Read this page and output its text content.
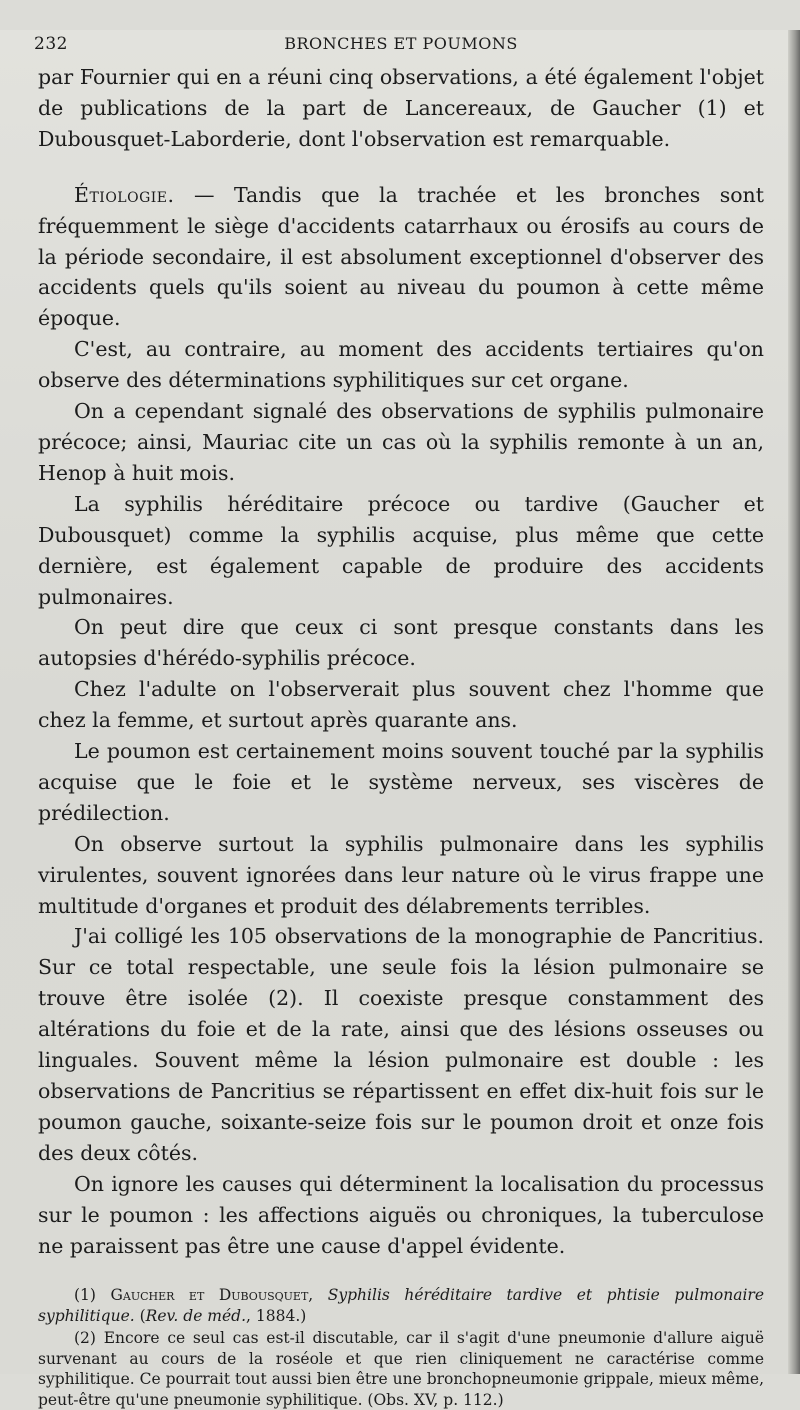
232	BRONCHES ET POUMONS

par Fournier qui en a réuni cinq observations, a été également l'objet de publications de la part de Lancereaux, de Gaucher (1) et Dubousquet-Laborderie, dont l'observation est remarquable.

Étiologie. — Tandis que la trachée et les bronches sont fréquemment le siège d'accidents catarrhaux ou érosifs au cours de la période secondaire, il est absolument exceptionnel d'observer des accidents quels qu'ils soient au niveau du poumon à cette même époque.

C'est, au contraire, au moment des accidents tertiaires qu'on observe des déterminations syphilitiques sur cet organe.

On a cependant signalé des observations de syphilis pulmonaire précoce; ainsi, Mauriac cite un cas où la syphilis remonte à un an, Henop à huit mois.

La syphilis héréditaire précoce ou tardive (Gaucher et Dubousquet) comme la syphilis acquise, plus même que cette dernière, est également capable de produire des accidents pulmonaires.

On peut dire que ceux ci sont presque constants dans les autopsies d'hérédo-syphilis précoce.

Chez l'adulte on l'observerait plus souvent chez l'homme que chez la femme, et surtout après quarante ans.

Le poumon est certainement moins souvent touché par la syphilis acquise que le foie et le système nerveux, ses viscères de prédilection.

On observe surtout la syphilis pulmonaire dans les syphilis virulentes, souvent ignorées dans leur nature où le virus frappe une multitude d'organes et produit des délabrements terribles.

J'ai colligé les 105 observations de la monographie de Pancritius. Sur ce total respectable, une seule fois la lésion pulmonaire se trouve être isolée (2). Il coexiste presque constamment des altérations du foie et de la rate, ainsi que des lésions osseuses ou linguales. Souvent même la lésion pulmonaire est double : les observations de Pancritius se répartissent en effet dix-huit fois sur le poumon gauche, soixante-seize fois sur le poumon droit et onze fois des deux côtés.

On ignore les causes qui déterminent la localisation du processus sur le poumon : les affections aiguës ou chroniques, la tuberculose ne paraissent pas être une cause d'appel évidente.

(1) Gaucher et Dubousquet, Syphilis héréditaire tardive et phtisie pulmonaire syphilitique. (Rev. de méd., 1884.)

(2) Encore ce seul cas est-il discutable, car il s'agit d'une pneumonie d'allure aiguë survenant au cours de la roséole et que rien cliniquement ne caractérise comme syphilitique. Ce pourrait tout aussi bien être une bronchopneumonie grippale, mieux même, peut-être qu'une pneumonie syphilitique. (Obs. XV, p. 112.)
